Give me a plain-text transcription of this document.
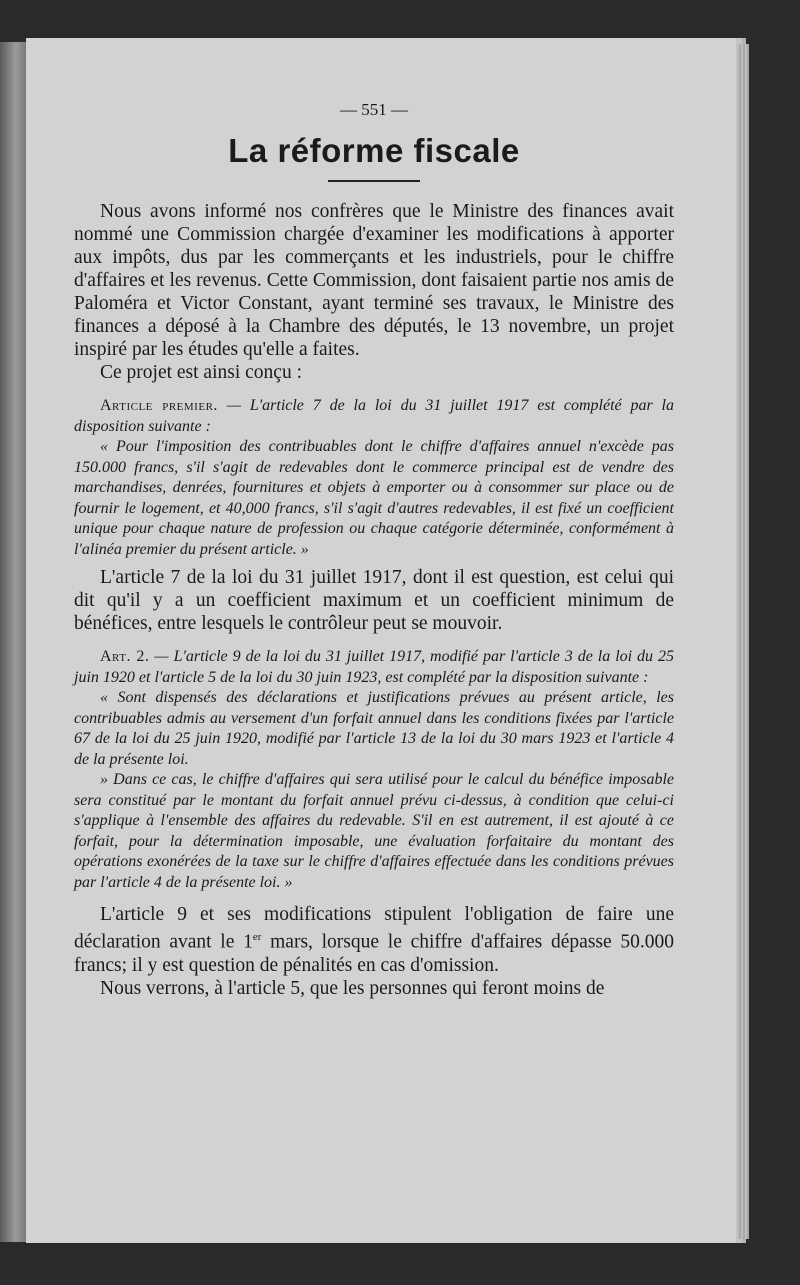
— 551 —
La réforme fiscale

Nous avons informé nos confrères que le Ministre des finances avait nommé une Commission chargée d'examiner les modifications à apporter aux impôts, dus par les commerçants et les industriels, pour le chiffre d'affaires et les revenus. Cette Commission, dont faisaient partie nos amis de Paloméra et Victor Constant, ayant terminé ses travaux, le Ministre des finances a déposé à la Chambre des députés, le 13 novembre, un projet inspiré par les études qu'elle a faites.

Ce projet est ainsi conçu :

Article premier. — L'article 7 de la loi du 31 juillet 1917 est complété par la disposition suivante :

« Pour l'imposition des contribuables dont le chiffre d'affaires annuel n'excède pas 150.000 francs, s'il s'agit de redevables dont le commerce principal est de vendre des marchandises, denrées, fournitures et objets à emporter ou à consommer sur place ou de fournir le logement, et 40,000 francs, s'il s'agit d'autres redevables, il est fixé un coefficient unique pour chaque nature de profession ou chaque catégorie déterminée, conformément à l'alinéa premier du présent article. »

L'article 7 de la loi du 31 juillet 1917, dont il est question, est celui qui dit qu'il y a un coefficient maximum et un coefficient minimum de bénéfices, entre lesquels le contrôleur peut se mouvoir.

Art. 2. — L'article 9 de la loi du 31 juillet 1917, modifié par l'article 3 de la loi du 25 juin 1920 et l'article 5 de la loi du 30 juin 1923, est complété par la disposition suivante :

« Sont dispensés des déclarations et justifications prévues au présent article, les contribuables admis au versement d'un forfait annuel dans les conditions fixées par l'article 67 de la loi du 25 juin 1920, modifié par l'article 13 de la loi du 30 mars 1923 et l'article 4 de la présente loi.

» Dans ce cas, le chiffre d'affaires qui sera utilisé pour le calcul du bénéfice imposable sera constitué par le montant du forfait annuel prévu ci-dessus, à condition que celui-ci s'applique à l'ensemble des affaires du redevable. S'il en est autrement, il est ajouté à ce forfait, pour la détermination imposable, une évaluation forfaitaire du montant des opérations exonérées de la taxe sur le chiffre d'affaires effectuée dans les conditions prévues par l'article 4 de la présente loi. »

L'article 9 et ses modifications stipulent l'obligation de faire une déclaration avant le 1er mars, lorsque le chiffre d'affaires dépasse 50.000 francs; il y est question de pénalités en cas d'omission.

Nous verrons, à l'article 5, que les personnes qui feront moins de
